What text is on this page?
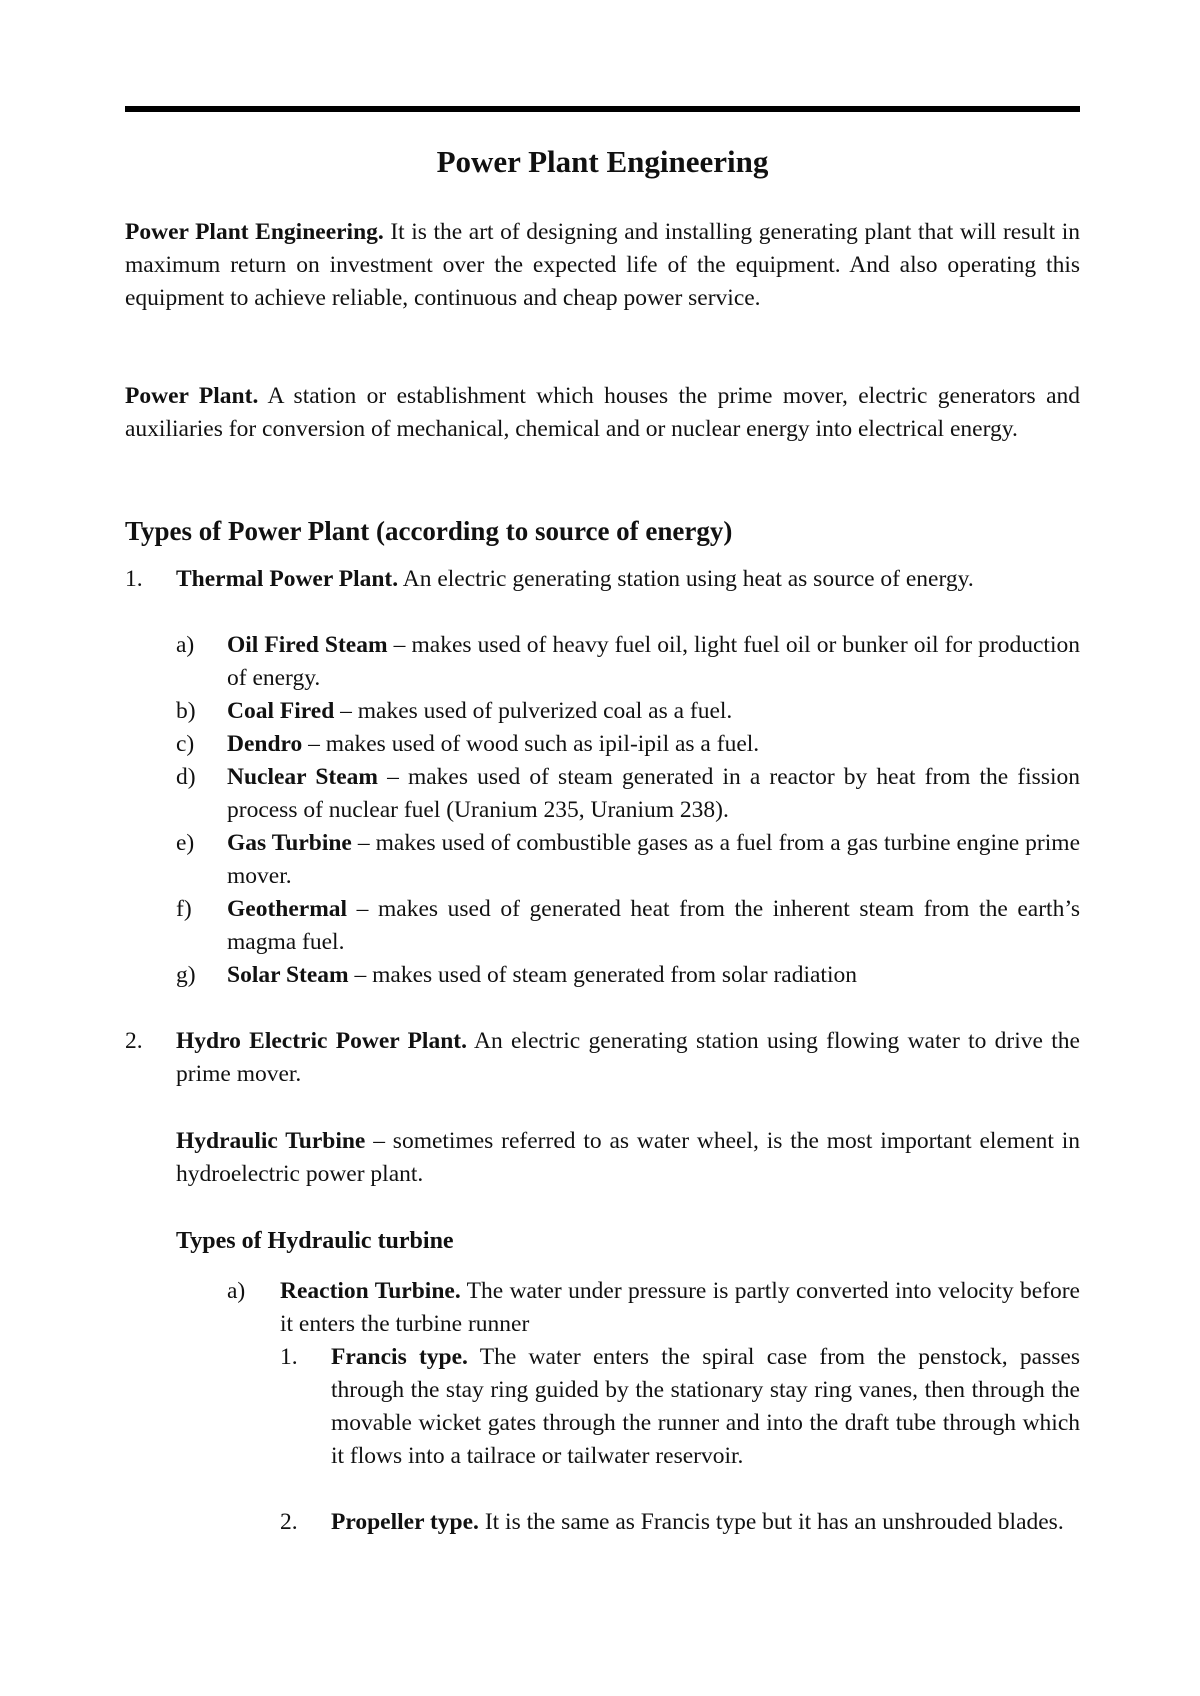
Power Plant Engineering
Power Plant Engineering. It is the art of designing and installing generating plant that will result in maximum return on investment over the expected life of the equipment. And also operating this equipment to achieve reliable, continuous and cheap power service.
Power Plant. A station or establishment which houses the prime mover, electric generators and auxiliaries for conversion of mechanical, chemical and or nuclear energy into electrical energy.
Types of Power Plant (according to source of energy)
1. Thermal Power Plant. An electric generating station using heat as source of energy.
a) Oil Fired Steam – makes used of heavy fuel oil, light fuel oil or bunker oil for production of energy.
b) Coal Fired – makes used of pulverized coal as a fuel.
c) Dendro – makes used of wood such as ipil-ipil as a fuel.
d) Nuclear Steam – makes used of steam generated in a reactor by heat from the fission process of nuclear fuel (Uranium 235, Uranium 238).
e) Gas Turbine – makes used of combustible gases as a fuel from a gas turbine engine prime mover.
f) Geothermal – makes used of generated heat from the inherent steam from the earth’s magma fuel.
g) Solar Steam – makes used of steam generated from solar radiation
2. Hydro Electric Power Plant. An electric generating station using flowing water to drive the prime mover.
Hydraulic Turbine – sometimes referred to as water wheel, is the most important element in hydroelectric power plant.
Types of Hydraulic turbine
a) Reaction Turbine. The water under pressure is partly converted into velocity before it enters the turbine runner
1. Francis type. The water enters the spiral case from the penstock, passes through the stay ring guided by the stationary stay ring vanes, then through the movable wicket gates through the runner and into the draft tube through which it flows into a tailrace or tailwater reservoir.
2. Propeller type. It is the same as Francis type but it has an unshrouded blades.
